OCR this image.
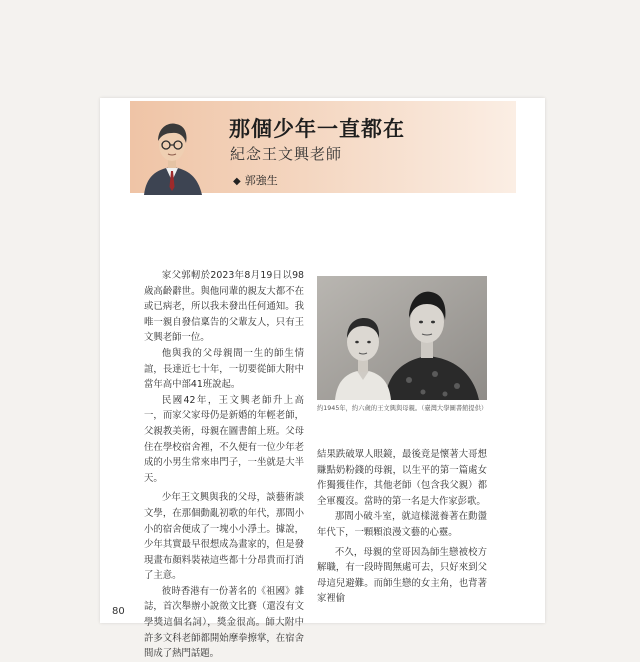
那個少年一直都在
紀念王文興老師
◆ 郭強生

家父郭軔於2023年8月19日以98歲高齡辭世。與他同輩的親友大都不在或已病老，所以我未發出任何通知。我唯一親自發信稟告的父輩友人，只有王文興老師一位。

他與我的父母親間一生的師生情誼，長達近七十年，一切要從師大附中當年高中部41班說起。

民國42年，王文興老師升上高一，而家父家母仍是新婚的年輕老師，父親教美術，母親在圖書館上班。父母住在學校宿舍裡，不久便有一位少年老成的小男生常來串門子，一坐就是大半天。

少年王文興與我的父母，談藝術談文學，在那個動亂初歌的年代，那間小小的宿舍便成了一塊小小淨土。據說，少年其實最早很想成為畫家的，但是發現畫布顏料裝裱這些都十分昂貴而打消了主意。

彼時香港有一份著名的《祖國》雜誌，首次舉辦小說徵文比賽（還沒有文學獎這個名詞），獎金很高。師大附中許多文科老師都開始摩拳擦掌，在宿舍間成了熱門話題。

約1945年，約六歲的王文興與母親。（臺灣大學圖書館提供）

結果跌破眾人眼鏡，最後竟是懷著大哥想賺點奶粉錢的母親，以生平的第一篇處女作獨獲佳作，其他老師（包含我父親）都全軍覆沒。當時的第一名是大作家彭歌。

那間小破斗室，就這樣滋養著在動盪年代下，一顆顆浪漫文藝的心靈。

不久，母親的堂哥因為師生戀被校方解職，有一段時間無處可去，只好來到父母這兒避難。而師生戀的女主角，也背著家裡偷

80
